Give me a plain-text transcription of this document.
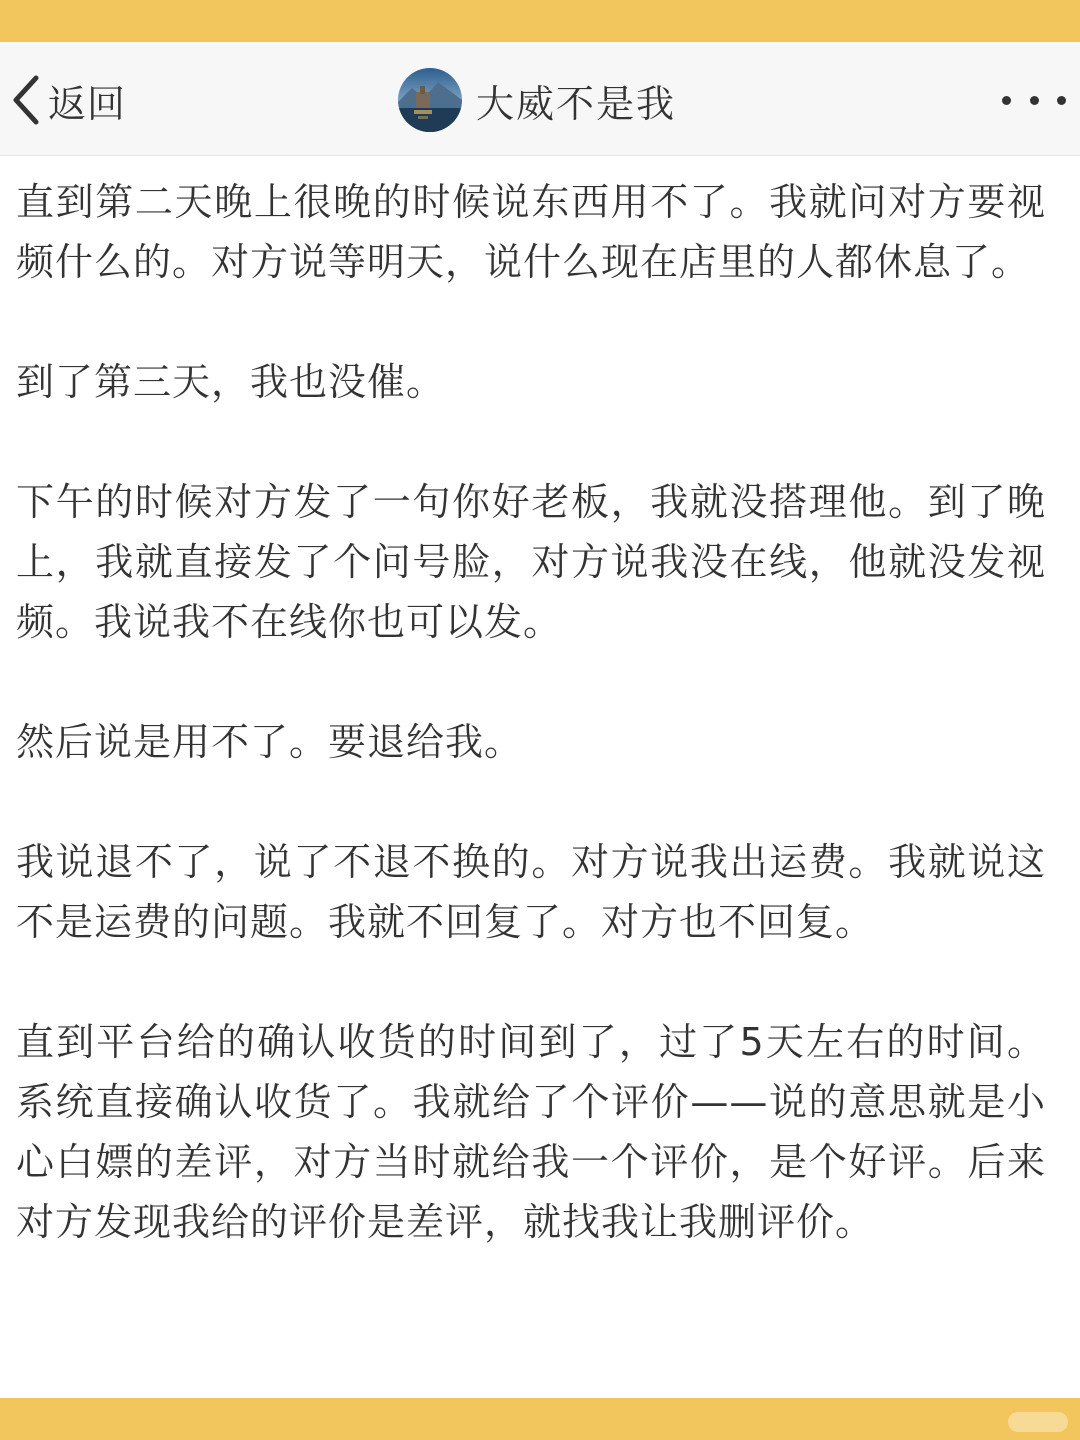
返回	大威不是我

直到第二天晚上很晚的时候说东西用不了。我就问对方要视频什么的。对方说等明天，说什么现在店里的人都休息了。

到了第三天，我也没催。

下午的时候对方发了一句你好老板，我就没搭理他。到了晚上，我就直接发了个问号脸，对方说我没在线，他就没发视频。我说我不在线你也可以发。

然后说是用不了。要退给我。

我说退不了，说了不退不换的。对方说我出运费。我就说这不是运费的问题。我就不回复了。对方也不回复。

直到平台给的确认收货的时间到了，过了5天左右的时间。系统直接确认收货了。我就给了个评价——说的意思就是小心白嫖的差评，对方当时就给我一个评价，是个好评。后来对方发现我给的评价是差评，就找我让我删评价。
